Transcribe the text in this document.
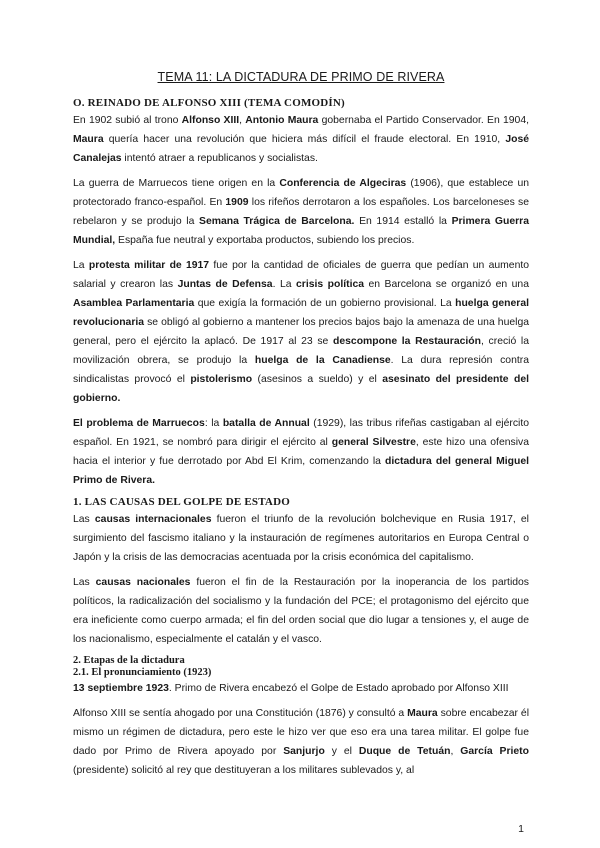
TEMA 11: LA DICTADURA DE PRIMO DE RIVERA
O. REINADO DE ALFONSO XIII (TEMA COMODÍN)
En 1902 subió al trono Alfonso XIII, Antonio Maura gobernaba el Partido Conservador. En 1904, Maura quería hacer una revolución que hiciera más difícil el fraude electoral. En 1910, José Canalejas intentó atraer a republicanos y socialistas.
La guerra de Marruecos tiene origen en la Conferencia de Algeciras (1906), que establece un protectorado franco-español. En 1909 los rifeños derrotaron a los españoles. Los barceloneses se rebelaron y se produjo la Semana Trágica de Barcelona. En 1914 estalló la Primera Guerra Mundial, España fue neutral y exportaba productos, subiendo los precios.
La protesta militar de 1917 fue por la cantidad de oficiales de guerra que pedían un aumento salarial y crearon las Juntas de Defensa. La crisis política en Barcelona se organizó en una Asamblea Parlamentaria que exigía la formación de un gobierno provisional. La huelga general revolucionaria se obligó al gobierno a mantener los precios bajos bajo la amenaza de una huelga general, pero el ejército la aplacó. De 1917 al 23 se descompone la Restauración, creció la movilización obrera, se produjo la huelga de la Canadiense. La dura represión contra sindicalistas provocó el pistolerismo (asesinos a sueldo) y el asesinato del presidente del gobierno.
El problema de Marruecos: la batalla de Annual (1929), las tribus rifeñas castigaban al ejército español. En 1921, se nombró para dirigir el ejército al general Silvestre, este hizo una ofensiva hacia el interior y fue derrotado por Abd El Krim, comenzando la dictadura del general Miguel Primo de Rivera.
1. LAS CAUSAS DEL GOLPE DE ESTADO
Las causas internacionales fueron el triunfo de la revolución bolchevique en Rusia 1917, el surgimiento del fascismo italiano y la instauración de regímenes autoritarios en Europa Central o Japón y la crisis de las democracias acentuada por la crisis económica del capitalismo.
Las causas nacionales fueron el fin de la Restauración por la inoperancia de los partidos políticos, la radicalización del socialismo y la fundación del PCE; el protagonismo del ejército que era ineficiente como cuerpo armada; el fin del orden social que dio lugar a tensiones y, el auge de los nacionalismo, especialmente el catalán y el vasco.
2. Etapas de la dictadura
2.1. El pronunciamiento (1923)
13 septiembre 1923. Primo de Rivera encabezó el Golpe de Estado aprobado por Alfonso XIII
Alfonso XIII se sentía ahogado por una Constitución (1876) y consultó a Maura sobre encabezar él mismo un régimen de dictadura, pero este le hizo ver que eso era una tarea militar. El golpe fue dado por Primo de Rivera apoyado por Sanjurjo y el Duque de Tetuán, García Prieto (presidente) solicitó al rey que destituyeran a los militares sublevados y, al
1
